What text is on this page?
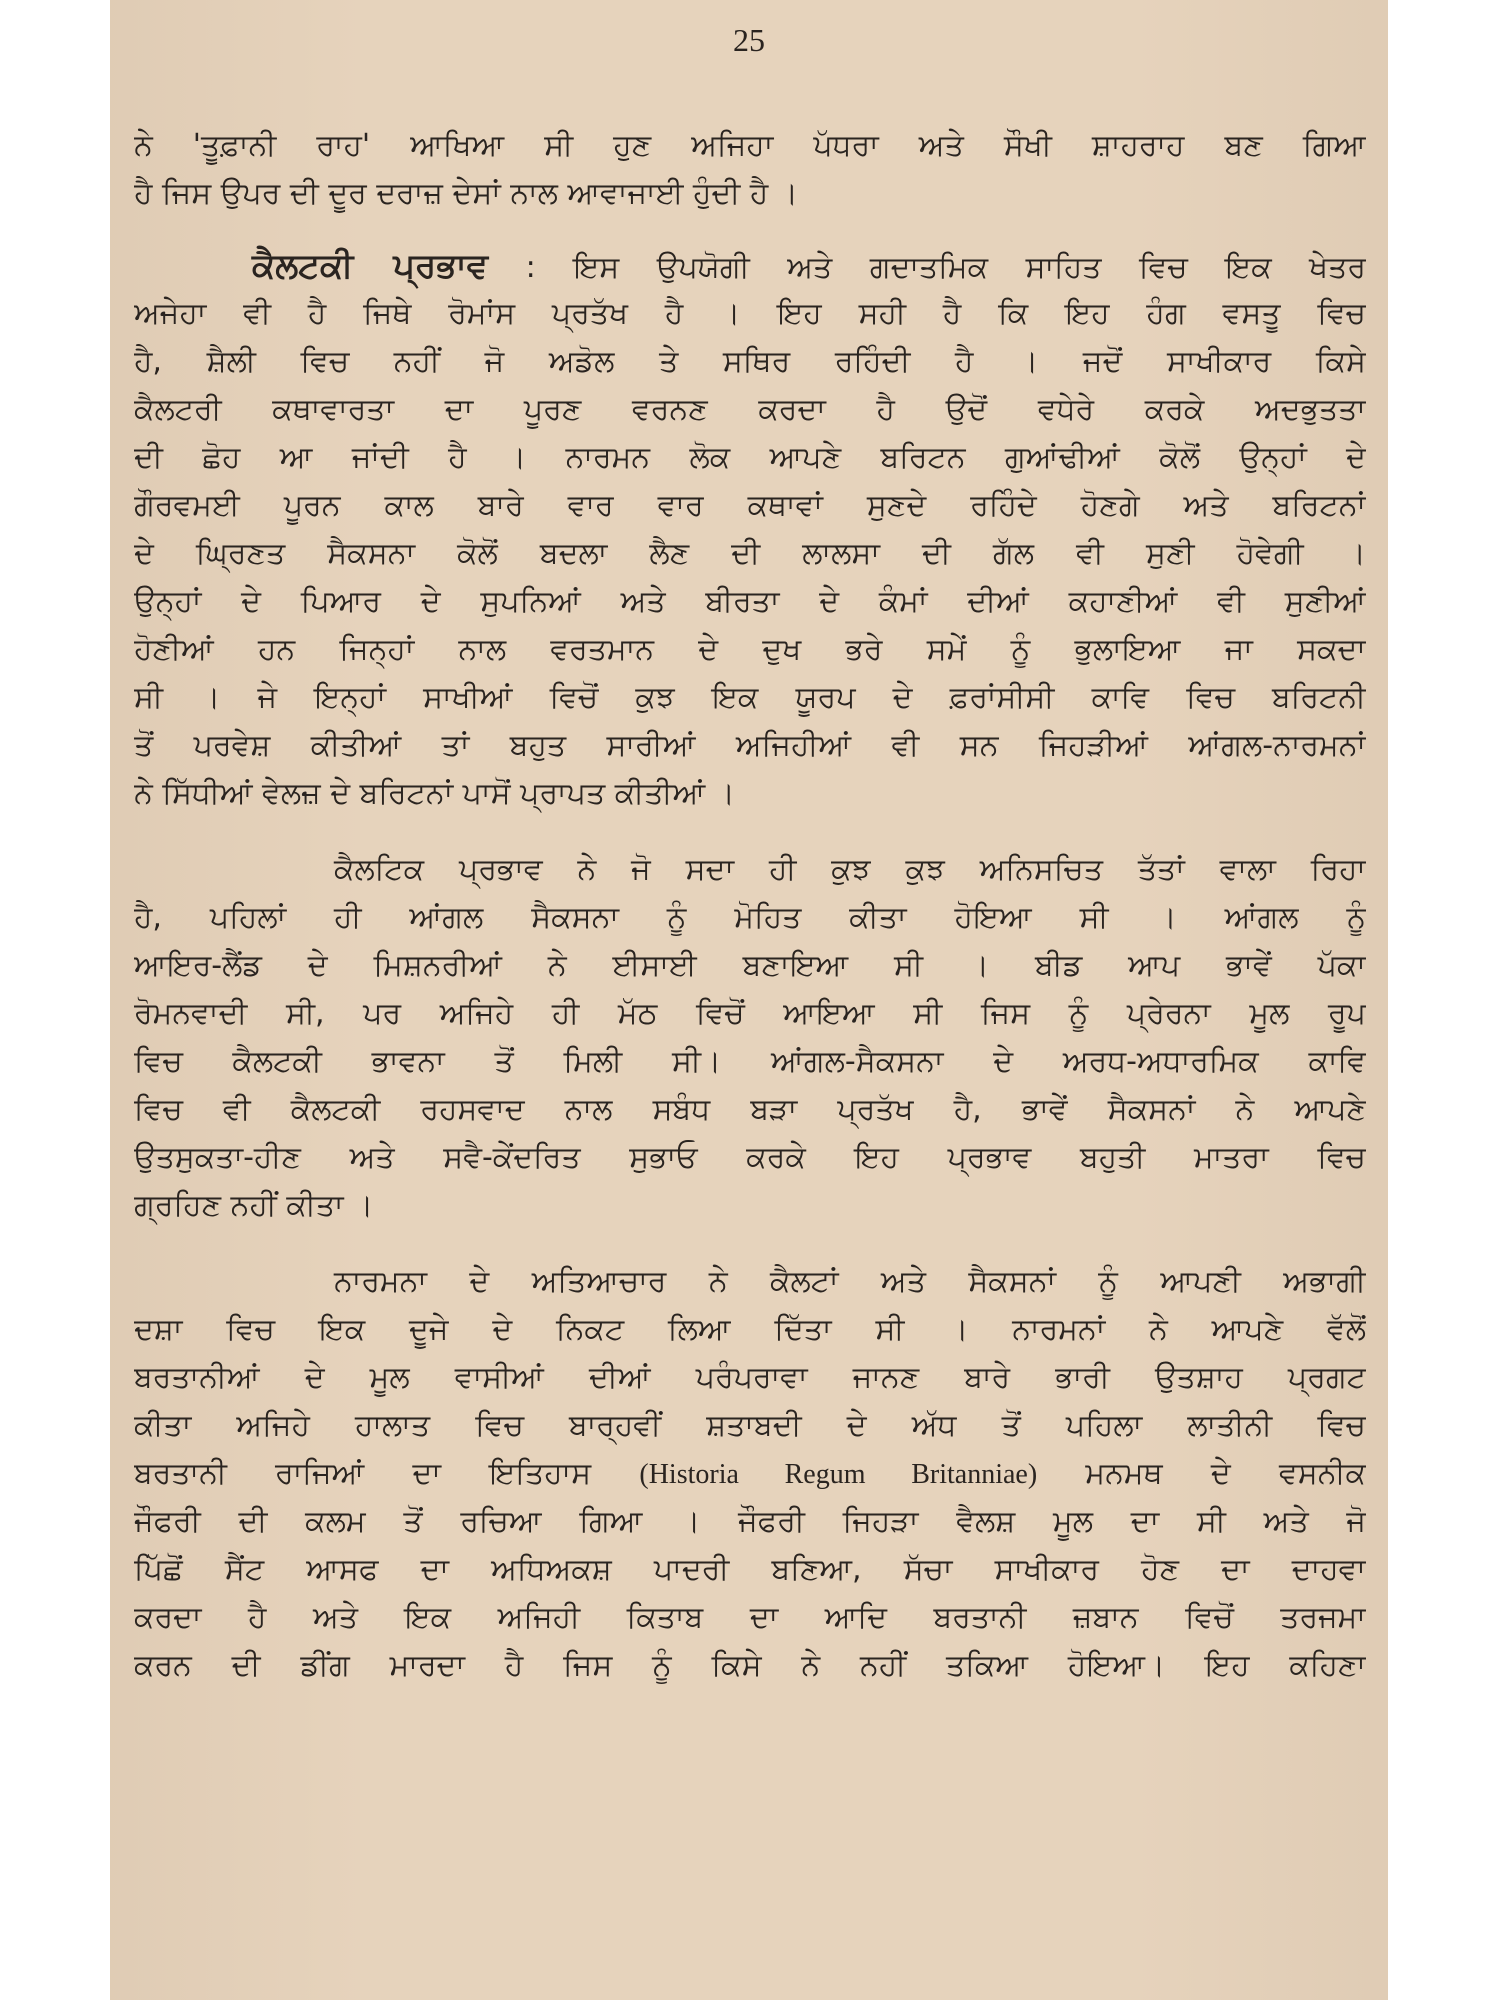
25
ਨੇ 'ਤੂਫ਼ਾਨੀ ਰਾਹ' ਆਖਿਆ ਸੀ ਹੁਣ ਅਜਿਹਾ ਪੱਧਰਾ ਅਤੇ ਸੌਖੀ ਸ਼ਾਹਰਾਹ ਬਣ ਗਿਆ
ਹੈ ਜਿਸ ਉਪਰ ਦੀ ਦੂਰ ਦਰਾਜ਼ ਦੇਸਾਂ ਨਾਲ ਆਵਾਜਾਈ ਹੁੰਦੀ ਹੈ ।
ਕੈਲਟਕੀ ਪ੍ਰਭਾਵ : ਇਸ ਉਪਯੋਗੀ ਅਤੇ ਗਦਾਤਮਿਕ ਸਾਹਿਤ ਵਿਚ ਇਕ ਖੇਤਰ
ਅਜੇਹਾ ਵੀ ਹੈ ਜਿਥੇ ਰੋਮਾਂਸ ਪ੍ਰਤੱਖ ਹੈ । ਇਹ ਸਹੀ ਹੈ ਕਿ ਇਹ ਹੰਗ ਵਸਤੂ ਵਿਚ
ਹੈ, ਸ਼ੈਲੀ ਵਿਚ ਨਹੀਂ ਜੋ ਅਡੋਲ ਤੇ ਸਥਿਰ ਰਹਿੰਦੀ ਹੈ । ਜਦੋਂ ਸਾਖੀਕਾਰ ਕਿਸੇ
ਕੈਲਟਰੀ ਕਥਾਵਾਰਤਾ ਦਾ ਪੂਰਣ ਵਰਨਣ ਕਰਦਾ ਹੈ ਉਦੋਂ ਵਧੇਰੇ ਕਰਕੇ ਅਦਭੁਤਤਾ
ਦੀ ਛੋਹ ਆ ਜਾਂਦੀ ਹੈ । ਨਾਰਮਨ ਲੋਕ ਆਪਣੇ ਬਰਿਟਨ ਗੁਆਂਢੀਆਂ ਕੋਲੋਂ ਉਨ੍ਹਾਂ ਦੇ
ਗੌਰਵਮਈ ਪੂਰਨ ਕਾਲ ਬਾਰੇ ਵਾਰ ਵਾਰ ਕਥਾਵਾਂ ਸੁਣਦੇ ਰਹਿੰਦੇ ਹੋਣਗੇ ਅਤੇ ਬਰਿਟਨਾਂ
ਦੇ ਘ੍ਰਿਣਤ ਸੈਕਸਨਾ ਕੋਲੋਂ ਬਦਲਾ ਲੈਣ ਦੀ ਲਾਲਸਾ ਦੀ ਗੱਲ ਵੀ ਸੁਣੀ ਹੋਵੇਗੀ ।
ਉਨ੍ਹਾਂ ਦੇ ਪਿਆਰ ਦੇ ਸੁਪਨਿਆਂ ਅਤੇ ਬੀਰਤਾ ਦੇ ਕੰਮਾਂ ਦੀਆਂ ਕਹਾਣੀਆਂ ਵੀ ਸੁਣੀਆਂ
ਹੋਣੀਆਂ ਹਨ ਜਿਨ੍ਹਾਂ ਨਾਲ ਵਰਤਮਾਨ ਦੇ ਦੁਖ ਭਰੇ ਸਮੇਂ ਨੂੰ ਭੁਲਾਇਆ ਜਾ ਸਕਦਾ
ਸੀ । ਜੇ ਇਨ੍ਹਾਂ ਸਾਖੀਆਂ ਵਿਚੋਂ ਕੁਝ ਇਕ ਯੂਰਪ ਦੇ ਫ਼ਰਾਂਸੀਸੀ ਕਾਵਿ ਵਿਚ ਬਰਿਟਨੀ
ਤੋਂ ਪਰਵੇਸ਼ ਕੀਤੀਆਂ ਤਾਂ ਬਹੁਤ ਸਾਰੀਆਂ ਅਜਿਹੀਆਂ ਵੀ ਸਨ ਜਿਹੜੀਆਂ ਆਂਗਲ-ਨਾਰਮਨਾਂ
ਨੇ ਸਿੱਧੀਆਂ ਵੇਲਜ਼ ਦੇ ਬਰਿਟਨਾਂ ਪਾਸੋਂ ਪ੍ਰਾਪਤ ਕੀਤੀਆਂ ।
ਕੈਲਟਿਕ ਪ੍ਰਭਾਵ ਨੇ ਜੋ ਸਦਾ ਹੀ ਕੁਝ ਕੁਝ ਅਨਿਸਚਿਤ ਤੱਤਾਂ ਵਾਲਾ ਰਿਹਾ
ਹੈ, ਪਹਿਲਾਂ ਹੀ ਆਂਗਲ ਸੈਕਸਨਾ ਨੂੰ ਮੋਹਿਤ ਕੀਤਾ ਹੋਇਆ ਸੀ । ਆਂਗਲ ਨੂੰ
ਆਇਰ-ਲੈਂਡ ਦੇ ਮਿਸ਼ਨਰੀਆਂ ਨੇ ਈਸਾਈ ਬਣਾਇਆ ਸੀ । ਬੀਡ ਆਪ ਭਾਵੇਂ ਪੱਕਾ
ਰੋਮਨਵਾਦੀ ਸੀ, ਪਰ ਅਜਿਹੇ ਹੀ ਮੱਠ ਵਿਚੋਂ ਆਇਆ ਸੀ ਜਿਸ ਨੂੰ ਪ੍ਰੇਰਨਾ ਮੂਲ ਰੂਪ
ਵਿਚ ਕੈਲਟਕੀ ਭਾਵਨਾ ਤੋਂ ਮਿਲੀ ਸੀ। ਆਂਗਲ-ਸੈਕਸਨਾ ਦੇ ਅਰਧ-ਅਧਾਰਮਿਕ ਕਾਵਿ
ਵਿਚ ਵੀ ਕੈਲਟਕੀ ਰਹਸਵਾਦ ਨਾਲ ਸਬੰਧ ਬੜਾ ਪ੍ਰਤੱਖ ਹੈ, ਭਾਵੇਂ ਸੈਕਸਨਾਂ ਨੇ ਆਪਣੇ
ਉਤਸੁਕਤਾ-ਹੀਣ ਅਤੇ ਸਵੈ-ਕੇਂਦਰਿਤ ਸੁਭਾਓ ਕਰਕੇ ਇਹ ਪ੍ਰਭਾਵ ਬਹੁਤੀ ਮਾਤਰਾ ਵਿਚ
ਗ੍ਰਹਿਣ ਨਹੀਂ ਕੀਤਾ ।
ਨਾਰਮਨਾ ਦੇ ਅਤਿਆਚਾਰ ਨੇ ਕੈਲਟਾਂ ਅਤੇ ਸੈਕਸਨਾਂ ਨੂੰ ਆਪਣੀ ਅਭਾਗੀ
ਦਸ਼ਾ ਵਿਚ ਇਕ ਦੂਜੇ ਦੇ ਨਿਕਟ ਲਿਆ ਦਿੱਤਾ ਸੀ । ਨਾਰਮਨਾਂ ਨੇ ਆਪਣੇ ਵੱਲੋਂ
ਬਰਤਾਨੀਆਂ ਦੇ ਮੂਲ ਵਾਸੀਆਂ ਦੀਆਂ ਪਰੰਪਰਾਵਾ ਜਾਨਣ ਬਾਰੇ ਭਾਰੀ ਉਤਸ਼ਾਹ ਪ੍ਰਗਟ
ਕੀਤਾ ਅਜਿਹੇ ਹਾਲਾਤ ਵਿਚ ਬਾਰ੍ਹਵੀਂ ਸ਼ਤਾਬਦੀ ਦੇ ਅੱਧ ਤੋਂ ਪਹਿਲਾ ਲਾਤੀਨੀ ਵਿਚ
ਬਰਤਾਨੀ ਰਾਜਿਆਂ ਦਾ ਇਤਿਹਾਸ (Historia Regum Britanniae) ਮਨਮਥ ਦੇ ਵਸਨੀਕ
ਜੌਫਰੀ ਦੀ ਕਲਮ ਤੋਂ ਰਚਿਆ ਗਿਆ । ਜੌਫਰੀ ਜਿਹੜਾ ਵੈਲਸ਼ ਮੂਲ ਦਾ ਸੀ ਅਤੇ ਜੋ
ਪਿੱਛੋਂ ਸੈਂਟ ਆਸਫ ਦਾ ਅਧਿਅਕਸ਼ ਪਾਦਰੀ ਬਣਿਆ, ਸੱਚਾ ਸਾਖੀਕਾਰ ਹੋਣ ਦਾ ਦਾਹਵਾ
ਕਰਦਾ ਹੈ ਅਤੇ ਇਕ ਅਜਿਹੀ ਕਿਤਾਬ ਦਾ ਆਦਿ ਬਰਤਾਨੀ ਜ਼ਬਾਨ ਵਿਚੋਂ ਤਰਜਮਾ
ਕਰਨ ਦੀ ਡੀਂਗ ਮਾਰਦਾ ਹੈ ਜਿਸ ਨੂੰ ਕਿਸੇ ਨੇ ਨਹੀਂ ਤਕਿਆ ਹੋਇਆ। ਇਹ ਕਹਿਣਾ
